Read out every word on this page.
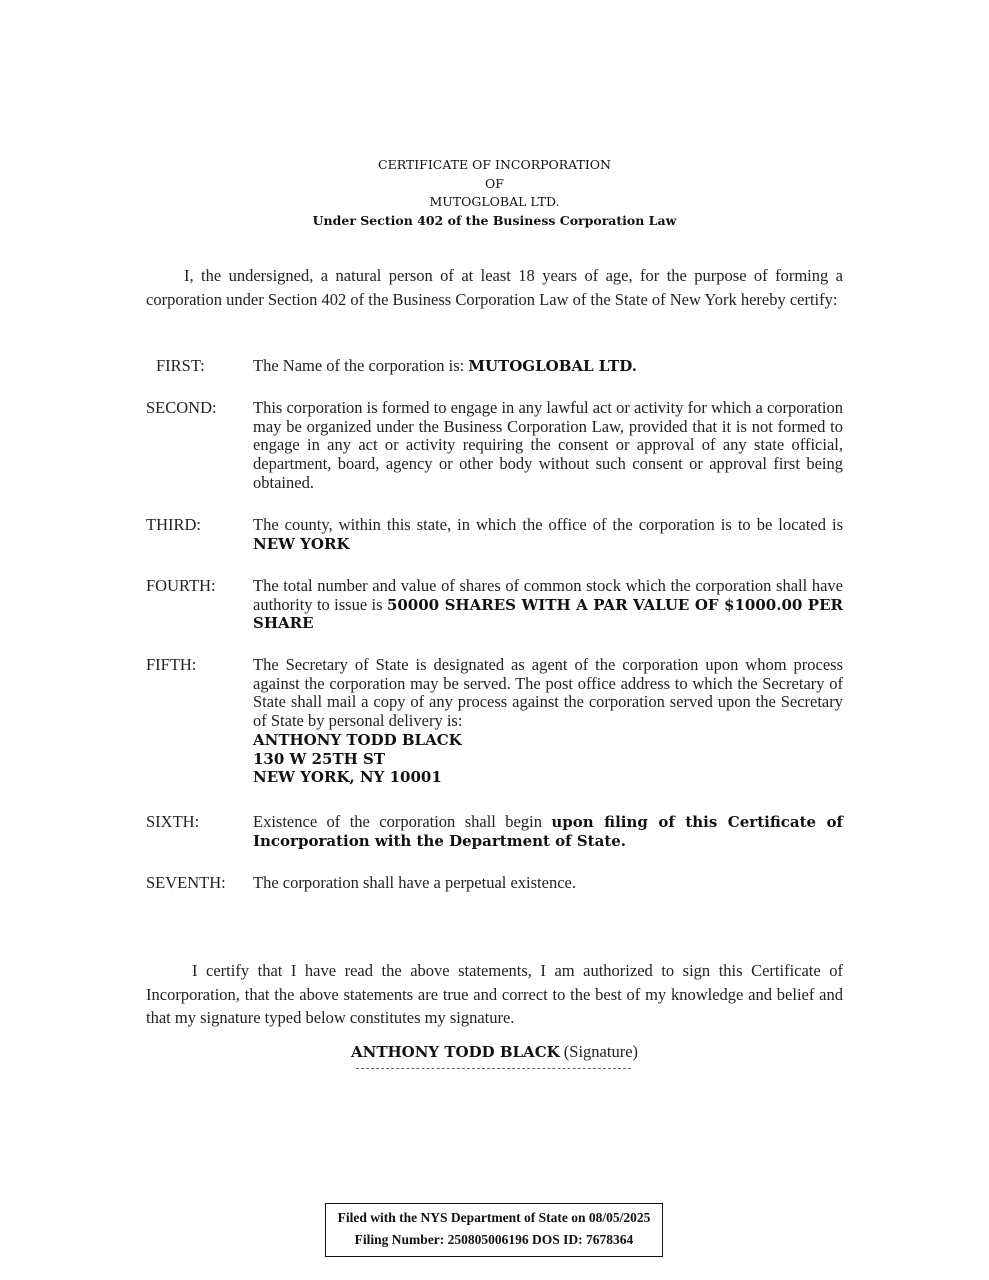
CERTIFICATE OF INCORPORATION
OF
MUTOGLOBAL LTD.
Under Section 402 of the Business Corporation Law
I, the undersigned, a natural person of at least 18 years of age, for the purpose of forming a corporation under Section 402 of the Business Corporation Law of the State of New York hereby certify:
FIRST:	The Name of the corporation is: MUTOGLOBAL LTD.
SECOND:	This corporation is formed to engage in any lawful act or activity for which a corporation may be organized under the Business Corporation Law, provided that it is not formed to engage in any act or activity requiring the consent or approval of any state official, department, board, agency or other body without such consent or approval first being obtained.
THIRD:	The county, within this state, in which the office of the corporation is to be located is NEW YORK
FOURTH:	The total number and value of shares of common stock which the corporation shall have authority to issue is 50000 SHARES WITH A PAR VALUE OF $1000.00 PER SHARE
FIFTH:	The Secretary of State is designated as agent of the corporation upon whom process against the corporation may be served. The post office address to which the Secretary of State shall mail a copy of any process against the corporation served upon the Secretary of State by personal delivery is:
ANTHONY TODD BLACK
130 W 25TH ST
NEW YORK, NY 10001
SIXTH:	Existence of the corporation shall begin upon filing of this Certificate of Incorporation with the Department of State.
SEVENTH:	The corporation shall have a perpetual existence.
I certify that I have read the above statements, I am authorized to sign this Certificate of Incorporation, that the above statements are true and correct to the best of my knowledge and belief and that my signature typed below constitutes my signature.
ANTHONY TODD BLACK (Signature)
Filed with the NYS Department of State on 08/05/2025
Filing Number: 250805006196 DOS ID: 7678364
